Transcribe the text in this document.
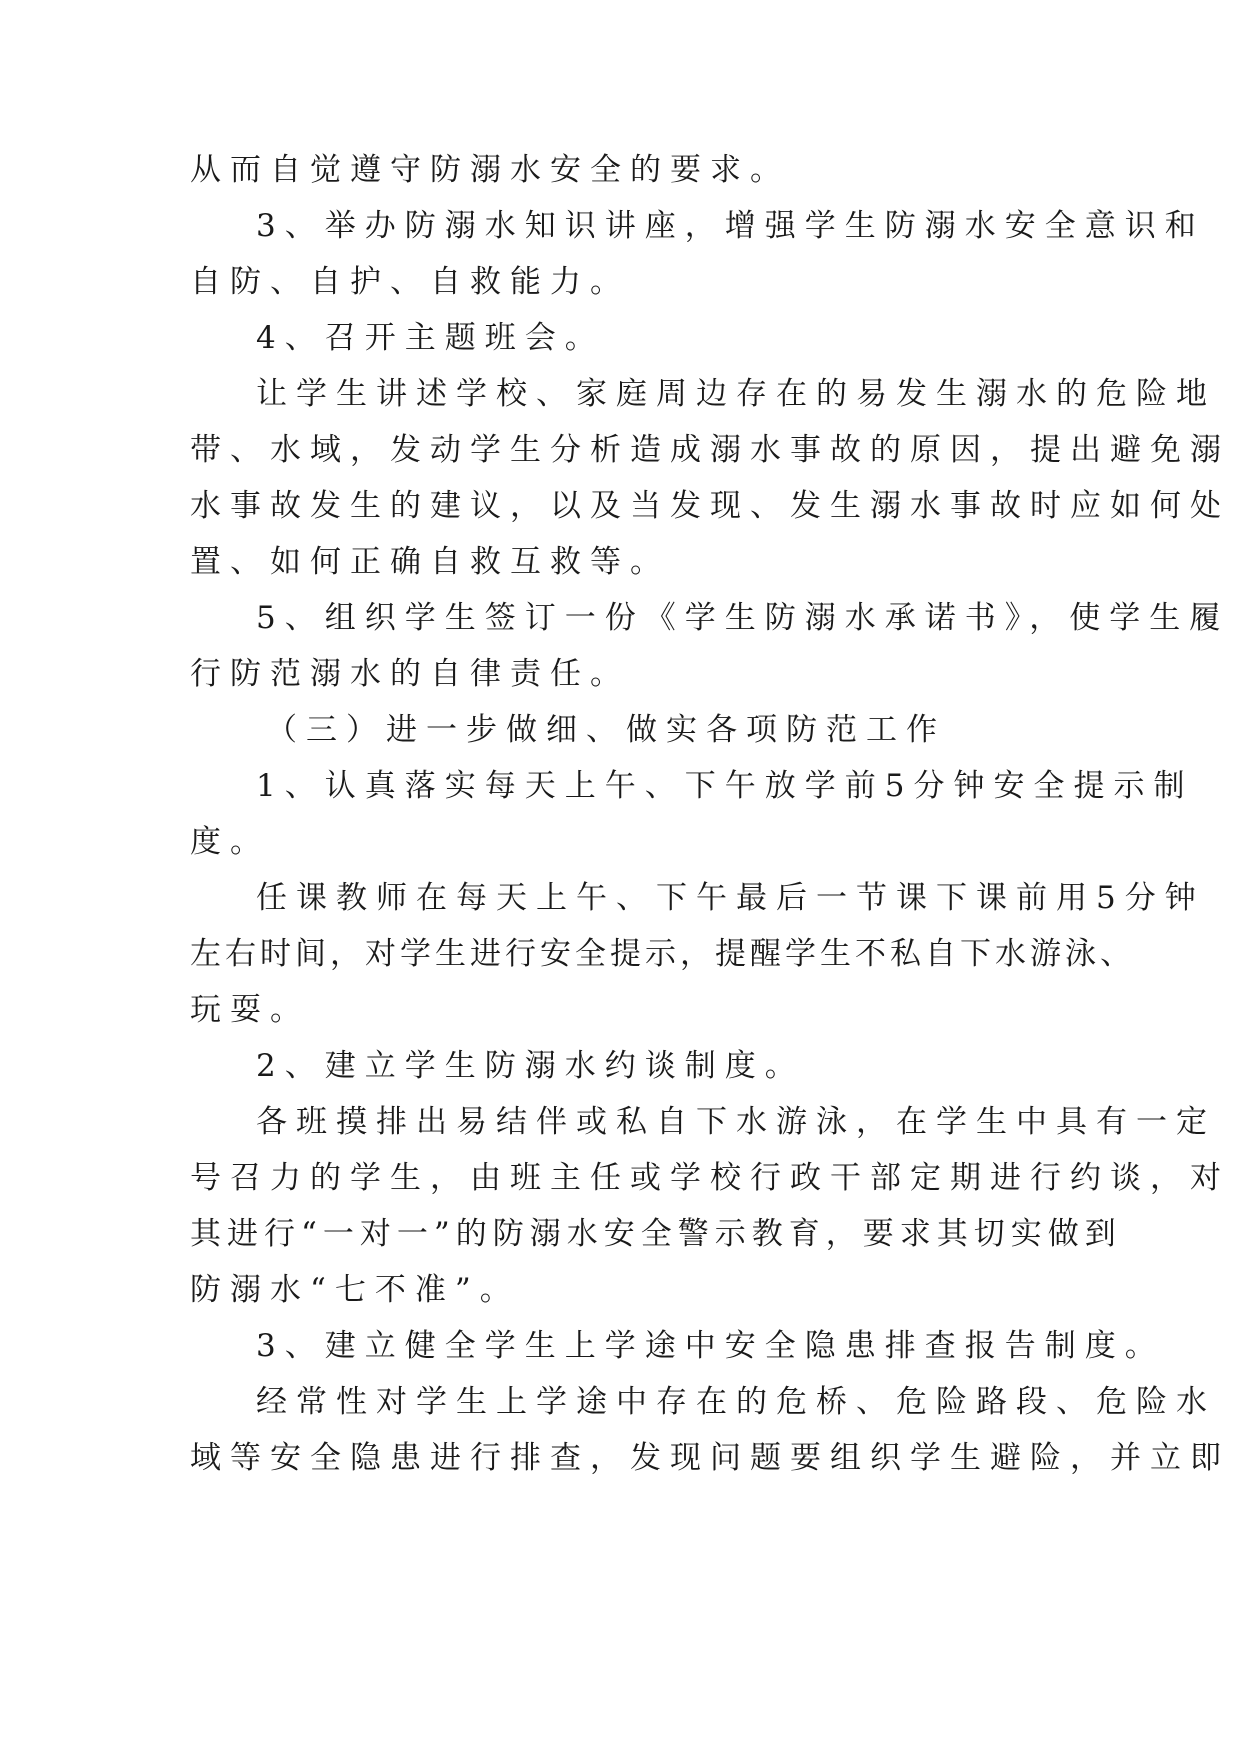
从而自觉遵守防溺水安全的要求。
3、举办防溺水知识讲座，增强学生防溺水安全意识和
自防、自护、自救能力。
4、召开主题班会。
让学生讲述学校、家庭周边存在的易发生溺水的危险地
带、水域，发动学生分析造成溺水事故的原因，提出避免溺
水事故发生的建议，以及当发现、发生溺水事故时应如何处
置、如何正确自救互救等。
5、组织学生签订一份《学生防溺水承诺书》，使学生履
行防范溺水的自律责任。
（三）进一步做细、做实各项防范工作
1、认真落实每天上午、下午放学前5分钟安全提示制
度。
任课教师在每天上午、下午最后一节课下课前用5分钟
左右时间，对学生进行安全提示，提醒学生不私自下水游泳、
玩耍。
2、建立学生防溺水约谈制度。
各班摸排出易结伴或私自下水游泳，在学生中具有一定
号召力的学生，由班主任或学校行政干部定期进行约谈，对
其进行“一对一”的防溺水安全警示教育，要求其切实做到
防溺水“七不准”。
3、建立健全学生上学途中安全隐患排查报告制度。
经常性对学生上学途中存在的危桥、危险路段、危险水
域等安全隐患进行排查，发现问题要组织学生避险，并立即
